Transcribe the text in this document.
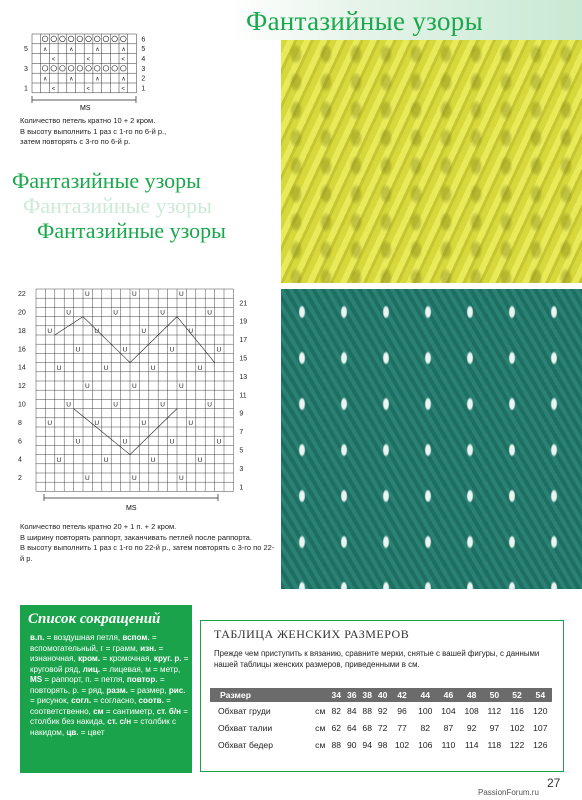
Фантазийные узоры
∧	∧	∧	∧
<	<	<
∧	∧	∧	∧
<	<	<
6
5
4
3
2
1
5
3
1
MS
Количество петель кратно 10 + 2 кром.
В высоту выполнить 1 раз с 1-го по 6-й р.,
затем повторять с 3-го по 6-й р.
Фантазийные узоры
Фантазийные узоры
Фантазийные узоры
U	U	U
U	U	U	U
U	U	U	U
U	U	U	U
U	U	U	U
U	U	U
U	U	U	U
U	U	U	U
U	U	U	U
U	U	U	U
U	U	U
22
20
18
16
14
12
10
8
6
4
2
21
19
17
15
13
11
9
7
5
3
1
MS
Количество петель кратно 20 + 1 п. + 2 кром.
В ширину повторять раппорт, заканчивать петлей после раппорта.
В высоту выполнить 1 раз с 1-го по 22-й р., затем повторять с 3-го по 22-й р.
Список сокращений
в.п. = воздушная петля, вспом. = вспомогательный, г = грамм, изн. = изнаночная, кром. = кромочная, круг. р. = круговой ряд, лиц. = лицевая, м = метр, MS = раппорт, п. = петля, повтор. = повторять, р. = ряд, разм. = размер, рис. = рисунок, согл. = согласно, соотв. = соответственно, см = сантиметр, ст. б/н = столбик без накида, ст. с/н = столбик с накидом, цв. = цвет
ТАБЛИЦА ЖЕНСКИХ РАЗМЕРОВ
Прежде чем приступить к вязанию, сравните мерки, снятые с вашей фигуры, с данными нашей таблицы женских размеров, приведенными в см.
Размер		34	36	38	40	42	44	46	48	50	52	54
Обхват груди	см	82	84	88	92	96	100	104	108	112	116	120
Обхват талии	см	62	64	68	72	77	82	87	92	97	102	107
Обхват бедер	см	88	90	94	98	102	106	110	114	118	122	126
27
PassionForum.ru
